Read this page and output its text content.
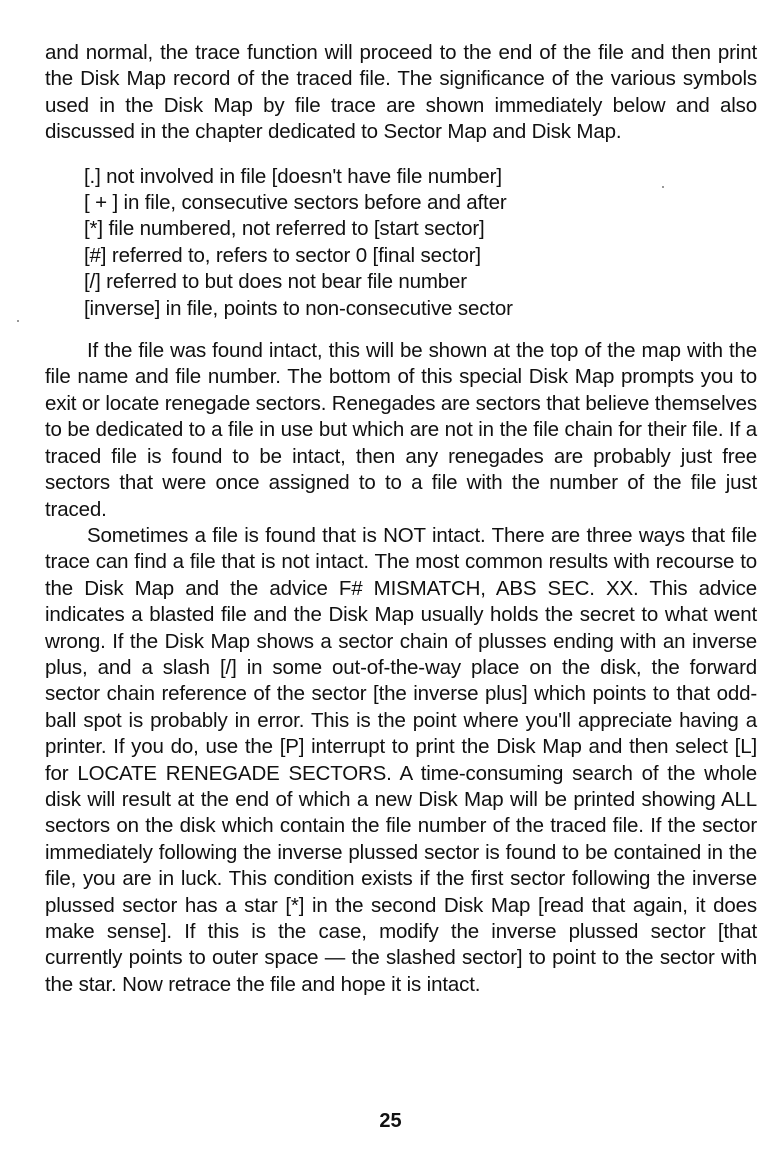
and normal, the trace function will proceed to the end of the file and then print the Disk Map record of the traced file. The significance of the various symbols used in the Disk Map by file trace are shown immediately below and also discussed in the chapter dedicated to Sector Map and Disk Map.

[.] not involved in file [doesn't have file number]
[ + ] in file, consecutive sectors before and after
[*] file numbered, not referred to [start sector]
[#] referred to, refers to sector 0 [final sector]
[/] referred to but does not bear file number
[inverse] in file, points to non-consecutive sector

If the file was found intact, this will be shown at the top of the map with the file name and file number. The bottom of this special Disk Map prompts you to exit or locate renegade sectors. Renegades are sectors that believe themselves to be dedicated to a file in use but which are not in the file chain for their file. If a traced file is found to be intact, then any renegades are probably just free sectors that were once assigned to to a file with the number of the file just traced.

Sometimes a file is found that is NOT intact. There are three ways that file trace can find a file that is not intact. The most common results with recourse to the Disk Map and the advice F# MISMATCH, ABS SEC. XX. This advice indicates a blasted file and the Disk Map usually holds the secret to what went wrong. If the Disk Map shows a sector chain of plusses ending with an inverse plus, and a slash [/] in some out-of-the-way place on the disk, the forward sector chain reference of the sector [the inverse plus] which points to that odd-ball spot is probably in error. This is the point where you'll appreciate having a printer. If you do, use the [P] interrupt to print the Disk Map and then select [L] for LOCATE RENEGADE SECTORS. A time-consuming search of the whole disk will result at the end of which a new Disk Map will be printed showing ALL sectors on the disk which contain the file number of the traced file. If the sector immediately following the inverse plussed sector is found to be contained in the file, you are in luck. This condition exists if the first sector following the inverse plussed sector has a star [*] in the second Disk Map [read that again, it does make sense]. If this is the case, modify the inverse plussed sector [that currently points to outer space — the slashed sector] to point to the sector with the star. Now retrace the file and hope it is intact.

25
